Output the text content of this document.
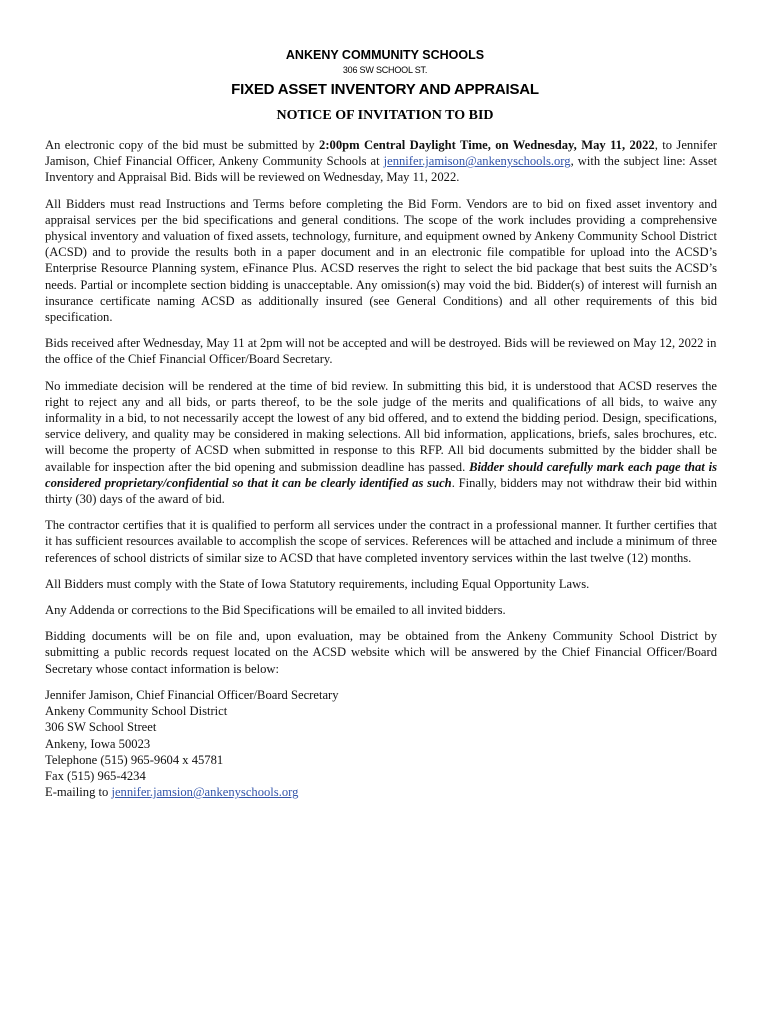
ANKENY COMMUNITY SCHOOLS
306 SW SCHOOL ST.
FIXED ASSET INVENTORY AND APPRAISAL
NOTICE OF INVITATION TO BID

An electronic copy of the bid must be submitted by 2:00pm Central Daylight Time, on Wednesday, May 11, 2022, to Jennifer Jamison, Chief Financial Officer, Ankeny Community Schools at jennifer.jamison@ankenyschools.org, with the subject line: Asset Inventory and Appraisal Bid. Bids will be reviewed on Wednesday, May 11, 2022.

All Bidders must read Instructions and Terms before completing the Bid Form. Vendors are to bid on fixed asset inventory and appraisal services per the bid specifications and general conditions. The scope of the work includes providing a comprehensive physical inventory and valuation of fixed assets, technology, furniture, and equipment owned by Ankeny Community School District (ACSD) and to provide the results both in a paper document and in an electronic file compatible for upload into the ACSD’s Enterprise Resource Planning system, eFinance Plus. ACSD reserves the right to select the bid package that best suits the ACSD’s needs. Partial or incomplete section bidding is unacceptable. Any omission(s) may void the bid. Bidder(s) of interest will furnish an insurance certificate naming ACSD as additionally insured (see General Conditions) and all other requirements of this bid specification.

Bids received after Wednesday, May 11 at 2pm will not be accepted and will be destroyed. Bids will be reviewed on May 12, 2022 in the office of the Chief Financial Officer/Board Secretary.

No immediate decision will be rendered at the time of bid review. In submitting this bid, it is understood that ACSD reserves the right to reject any and all bids, or parts thereof, to be the sole judge of the merits and qualifications of all bids, to waive any informality in a bid, to not necessarily accept the lowest of any bid offered, and to extend the bidding period. Design, specifications, service delivery, and quality may be considered in making selections. All bid information, applications, briefs, sales brochures, etc. will become the property of ACSD when submitted in response to this RFP. All bid documents submitted by the bidder shall be available for inspection after the bid opening and submission deadline has passed. Bidder should carefully mark each page that is considered proprietary/confidential so that it can be clearly identified as such. Finally, bidders may not withdraw their bid within thirty (30) days of the award of bid.

The contractor certifies that it is qualified to perform all services under the contract in a professional manner. It further certifies that it has sufficient resources available to accomplish the scope of services. References will be attached and include a minimum of three references of school districts of similar size to ACSD that have completed inventory services within the last twelve (12) months.

All Bidders must comply with the State of Iowa Statutory requirements, including Equal Opportunity Laws.

Any Addenda or corrections to the Bid Specifications will be emailed to all invited bidders.

Bidding documents will be on file and, upon evaluation, may be obtained from the Ankeny Community School District by submitting a public records request located on the ACSD website which will be answered by the Chief Financial Officer/Board Secretary whose contact information is below:

Jennifer Jamison, Chief Financial Officer/Board Secretary
Ankeny Community School District
306 SW School Street
Ankeny, Iowa 50023
Telephone (515) 965-9604 x 45781
Fax (515) 965-4234
E-mailing to jennifer.jamsion@ankenyschools.org
